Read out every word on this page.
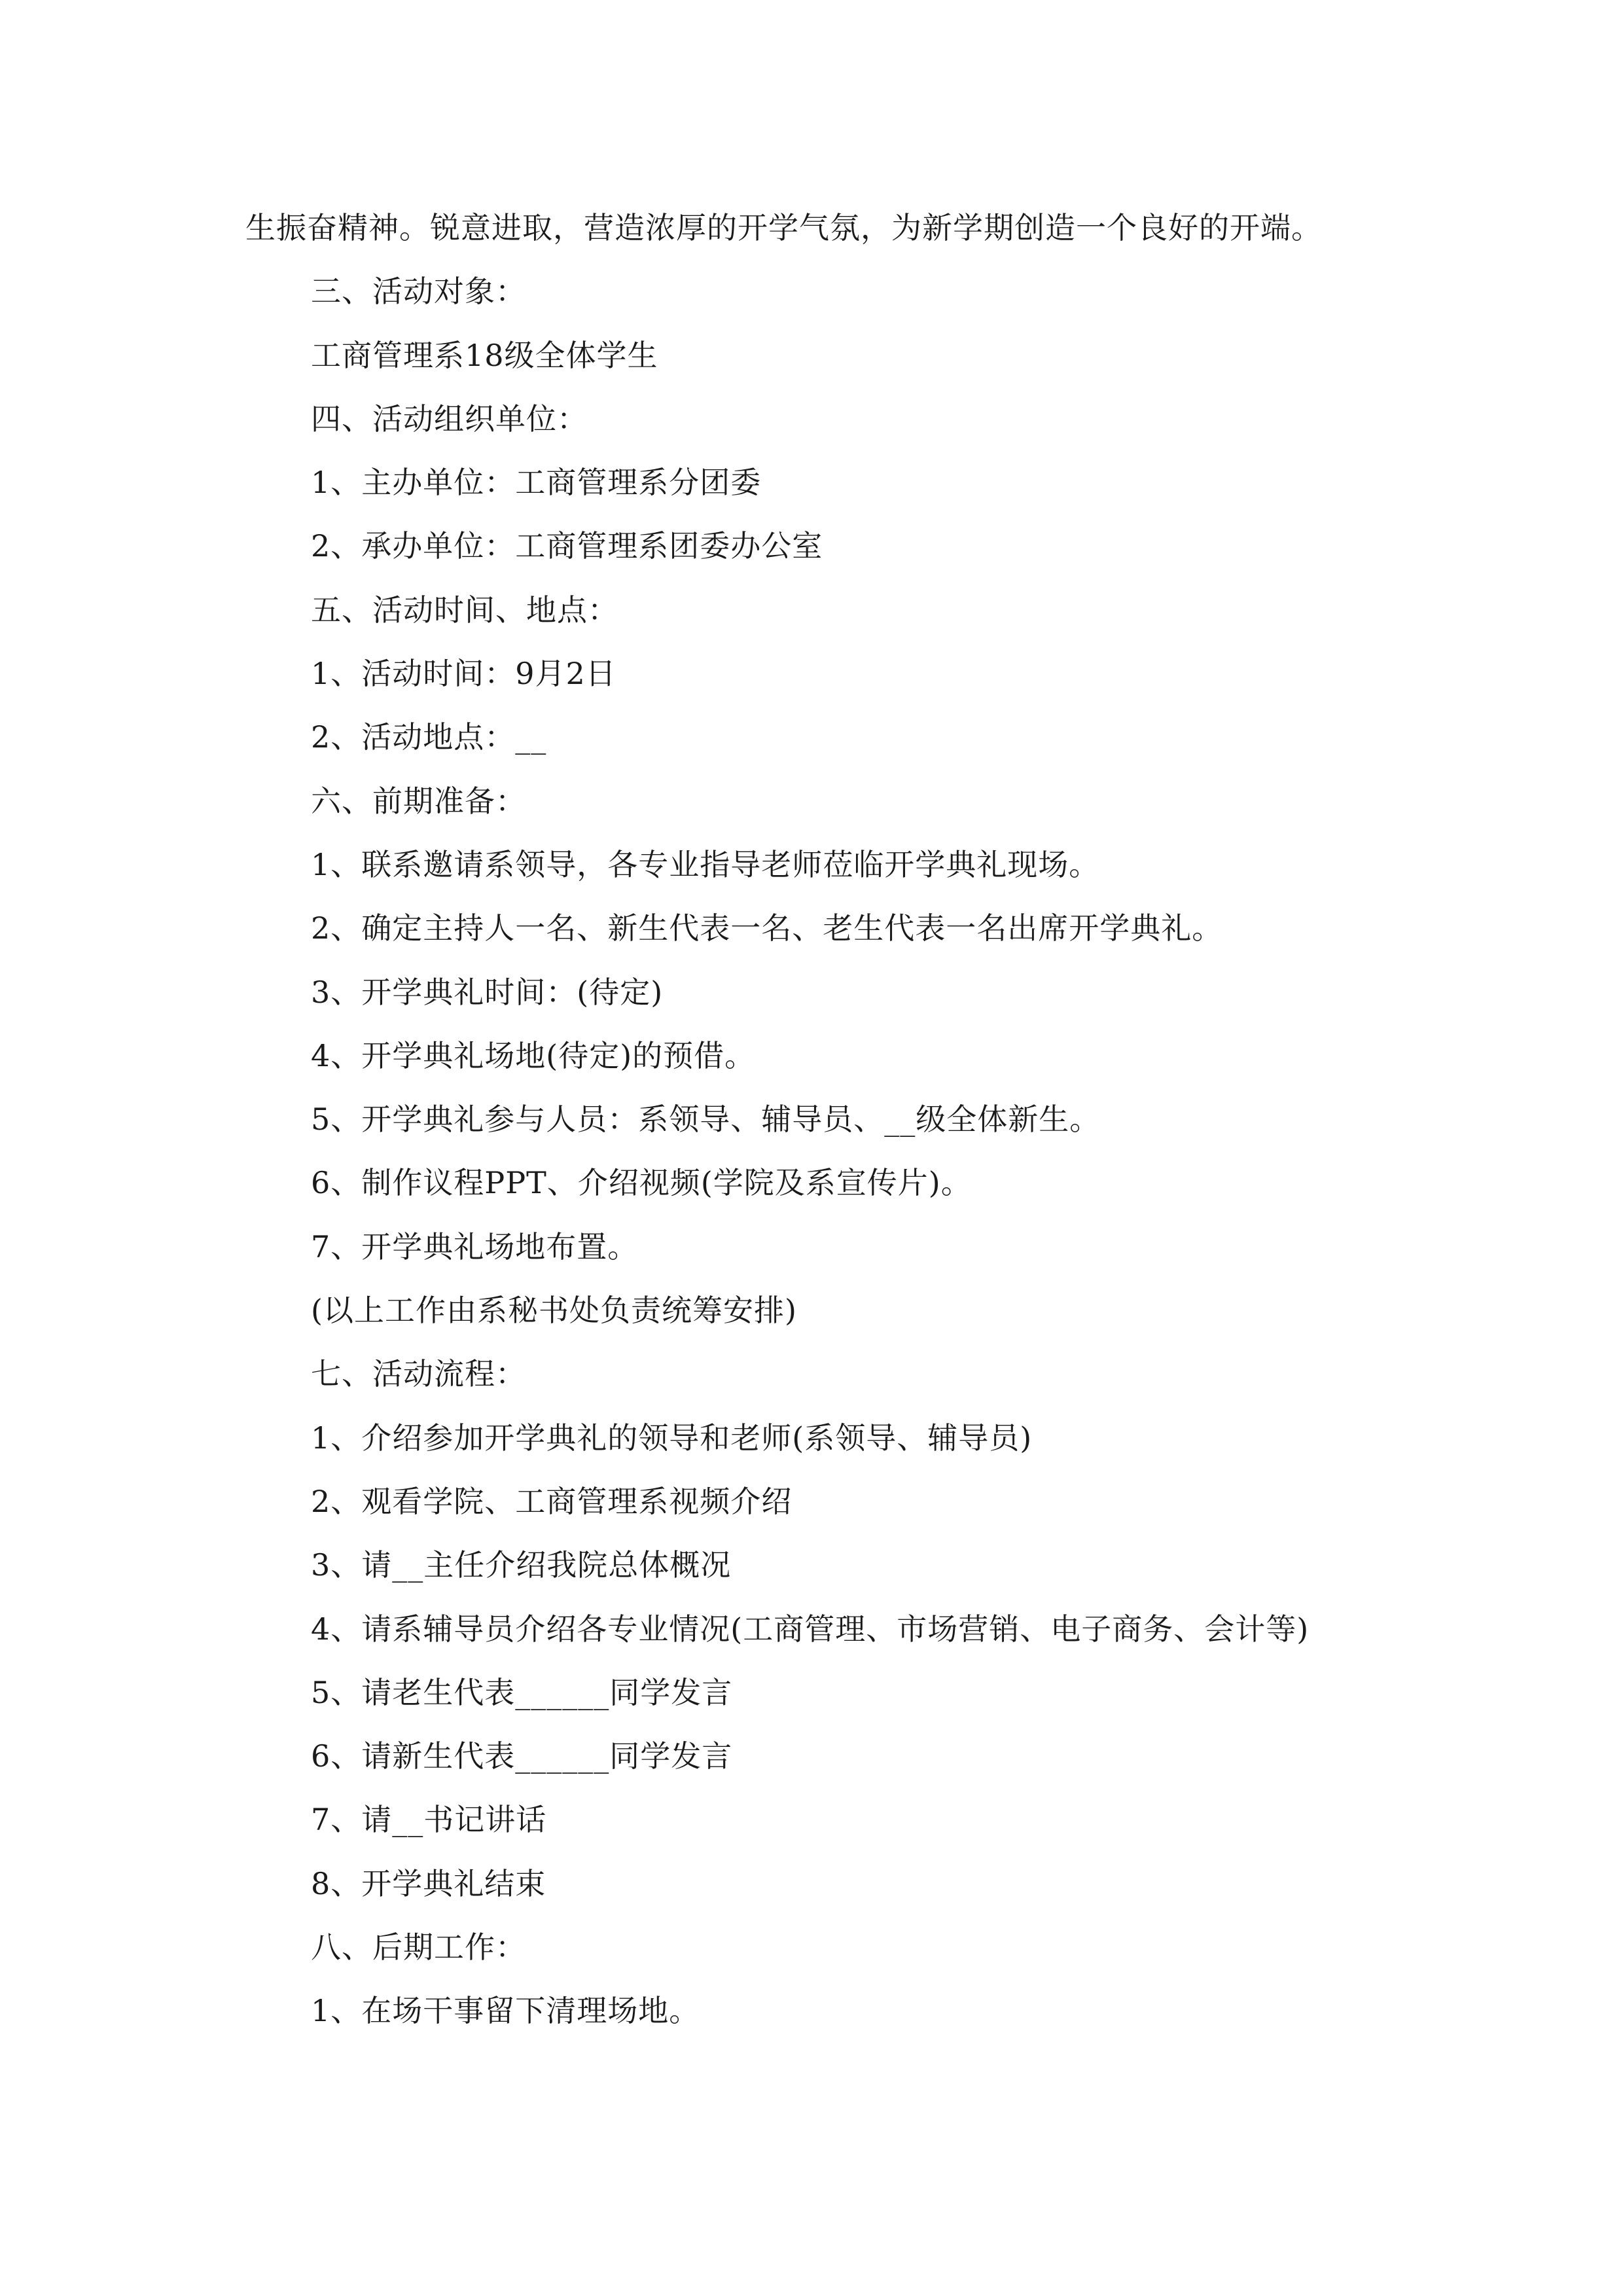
生振奋精神。锐意进取，营造浓厚的开学气氛，为新学期创造一个良好的开端。
三、活动对象：
工商管理系18级全体学生
四、活动组织单位：
1、主办单位：工商管理系分团委
2、承办单位：工商管理系团委办公室
五、活动时间、地点：
1、活动时间：9月2日
2、活动地点：__
六、前期准备：
1、联系邀请系领导，各专业指导老师莅临开学典礼现场。
2、确定主持人一名、新生代表一名、老生代表一名出席开学典礼。
3、开学典礼时间：(待定)
4、开学典礼场地(待定)的预借。
5、开学典礼参与人员：系领导、辅导员、__级全体新生。
6、制作议程PPT、介绍视频(学院及系宣传片)。
7、开学典礼场地布置。
(以上工作由系秘书处负责统筹安排)
七、活动流程：
1、介绍参加开学典礼的领导和老师(系领导、辅导员)
2、观看学院、工商管理系视频介绍
3、请__主任介绍我院总体概况
4、请系辅导员介绍各专业情况(工商管理、市场营销、电子商务、会计等)
5、请老生代表______同学发言
6、请新生代表______同学发言
7、请__书记讲话
8、开学典礼结束
八、后期工作：
1、在场干事留下清理场地。
